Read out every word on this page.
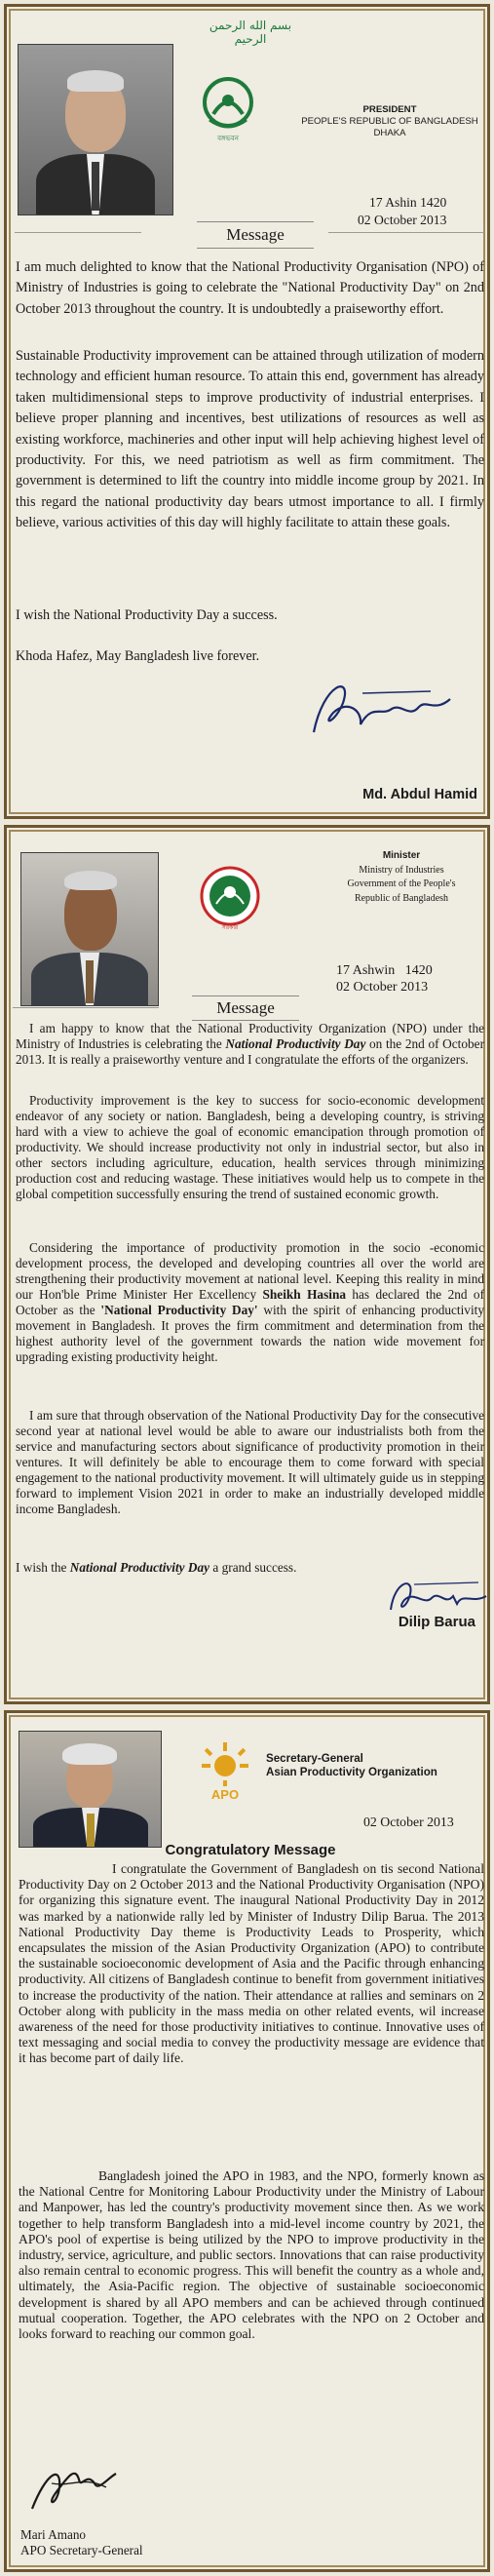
بسم الله الرحمن الرحيم
বঙ্গভবন
PRESIDENT
PEOPLE'S REPUBLIC OF BANGLADESH
DHAKA
17 Ashin 1420
02 October 2013
Message

I am much delighted to know that the National Productivity Organisation (NPO) of Ministry of Industries is going to celebrate the "National Productivity Day" on 2nd October 2013 throughout the country. It is undoubtedly a praiseworthy effort.

Sustainable Productivity improvement can be attained through utilization of modern technology and efficient human resource. To attain this end, government has already taken multidimensional steps to improve productivity of industrial enterprises. I believe proper planning and incentives, best utilizations of resources as well as existing workforce, machineries and other input will help achieving highest level of productivity. For this, we need patriotism as well as firm commitment. The government is determined to lift the country into middle income group by 2021. In this regard the national productivity day bears utmost importance to all. I firmly believe, various activities of this day will highly facilitate to attain these goals.

I wish the National Productivity Day a success.

Khoda Hafez, May Bangladesh live forever.

Md. Abdul Hamid
সরকার
Minister
Ministry of Industries
Government of the People's
Republic of Bangladesh
17 Ashwin   1420
02 October 2013
Message

I am happy to know that the National Productivity Organization (NPO) under the Ministry of Industries is celebrating the National Productivity Day on the 2nd of October 2013. It is really a praiseworthy venture and I congratulate the efforts of the organizers.

Productivity improvement is the key to success for socio-economic development endeavor of any society or nation. Bangladesh, being a developing country, is striving hard with a view to achieve the goal of economic emancipation through promotion of productivity. We should increase productivity not only in industrial sector, but also in other sectors including agriculture, education, health services through minimizing production cost and reducing wastage. These initiatives would help us to compete in the global competition successfully ensuring the trend of sustained economic growth.

Considering the importance of productivity promotion in the socio -economic development process, the developed and developing countries all over the world are strengthening their productivity movement at national level. Keeping this reality in mind our Hon'ble Prime Minister Her Excellency Sheikh Hasina has declared the 2nd of October as the 'National Productivity Day' with the spirit of enhancing productivity movement in Bangladesh. It proves the firm commitment and determination from the highest authority level of the government towards the nation wide movement for upgrading existing productivity height.

I am sure that through observation of the National Productivity Day for the consecutive second year at national level would be able to aware our industrialists both from the service and manufacturing sectors about significance of productivity promotion in their ventures. It will definitely be able to encourage them to come forward with special engagement to the national productivity movement. It will ultimately guide us in stepping forward to implement Vision 2021 in order to make an industrially developed middle income Bangladesh.

I wish the National Productivity Day a grand success.

Dilip Barua
APO
Secretary-General
Asian Productivity Organization
02 October 2013
Congratulatory Message

I congratulate the Government of Bangladesh on tis second National Productivity Day on 2 October 2013 and the National Productivity Organisation (NPO) for organizing this signature event. The inaugural National Productivity Day in 2012 was marked by a nationwide rally led by Minister of Industry Dilip Barua. The 2013 National Productivity Day theme is Productivity Leads to Prosperity, which encapsulates the mission of the Asian Productivity Organization (APO) to contribute the sustainable socioeconomic development of Asia and the Pacific through enhancing productivity. All citizens of Bangladesh continue to benefit from government initiatives to increase the productivity of the nation. Their attendance at rallies and seminars on 2 October along with publicity in the mass media on other related events, wil increase awareness of the need for those productivity initiatives to continue. Innovative uses of text messaging and social media to convey the productivity message are evidence that it has become part of daily life.

Bangladesh joined the APO in 1983, and the NPO, formerly known as the National Centre for Monitoring Labour Productivity under the Ministry of Labour and Manpower, has led the country's productivity movement since then. As we work together to help transform Bangladesh into a mid-level income country by 2021, the APO's pool of expertise is being utilized by the NPO to improve productivity in the industry, service, agriculture, and public sectors. Innovations that can raise productivity also remain central to economic progress. This will benefit the country as a whole and, ultimately, the Asia-Pacific region. The objective of sustainable socioeconomic development is shared by all APO members and can be achieved through continued mutual cooperation. Together, the APO celebrates with the NPO on 2 October and looks forward to reaching our common goal.

Mari Amano
APO Secretary-General
